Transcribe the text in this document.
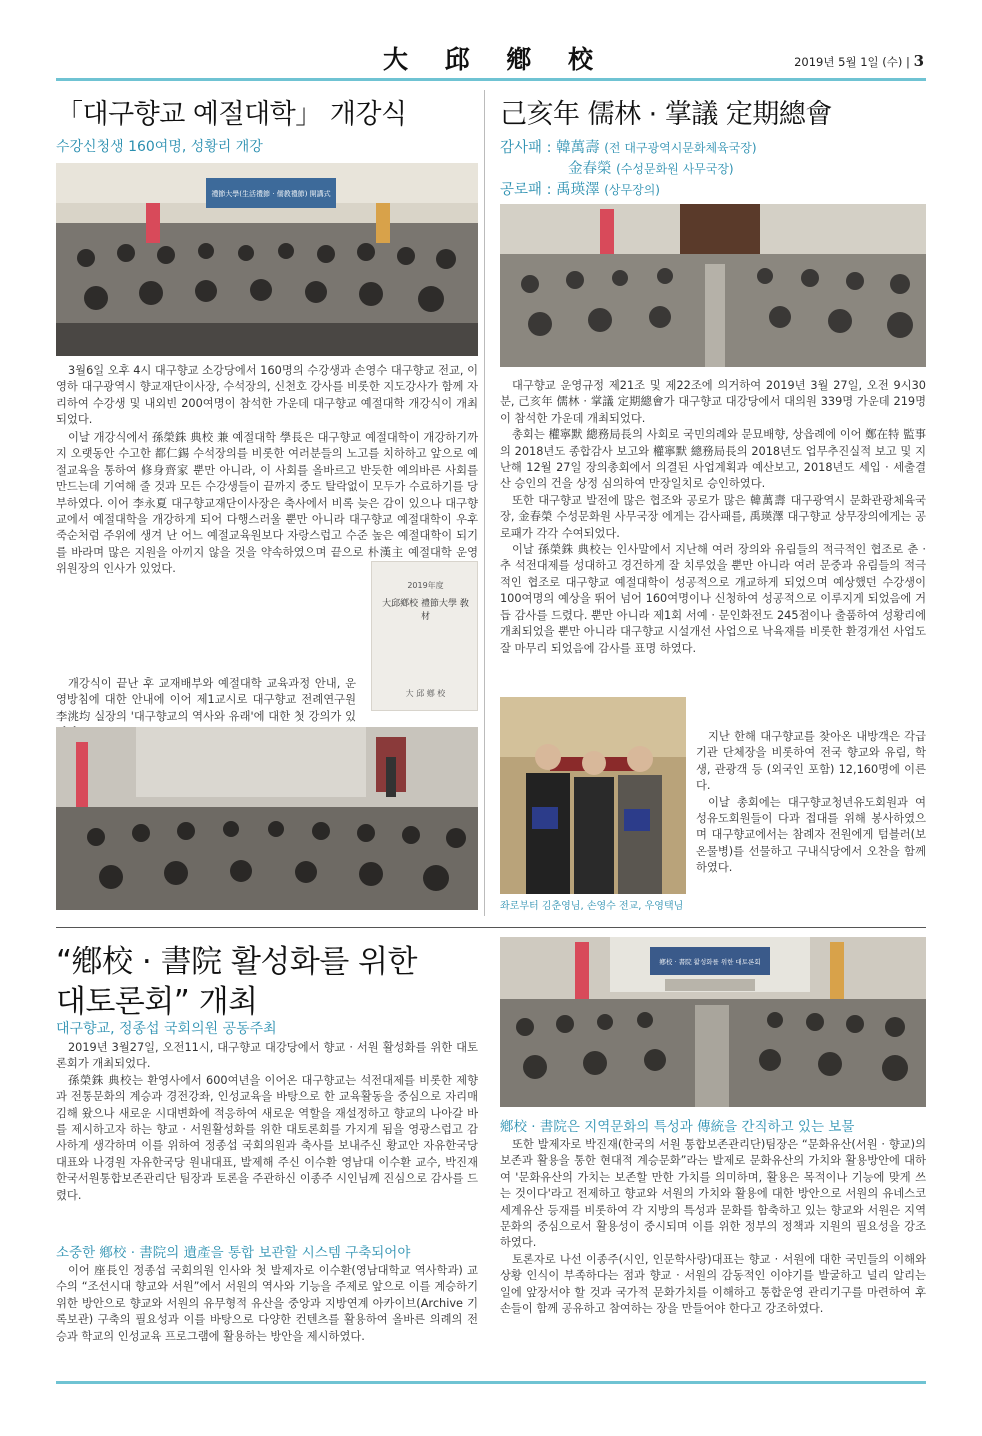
大 邱 鄕 校	2019년 5월 1일 (수) | 3
「대구향교 예절대학」 개강식
수강신청생 160여명, 성황리 개강
禮節大學(生活禮節 · 儒教禮節) 開講式

3월6일 오후 4시 대구향교 소강당에서 160명의 수강생과 손영수 대구향교 전교, 이영하 대구광역시 향교재단이사장, 수석장의, 신천호 강사를 비롯한 지도강사가 함께 자리하여 수강생 및 내외빈 200여명이 참석한 가운데 대구향교 예절대학 개강식이 개최되었다.

이날 개강식에서 孫榮銖 典校 兼 예절대학 學長은 대구향교 예절대학이 개강하기까지 오랫동안 수고한 都仁錫 수석장의를 비롯한 여러분들의 노고를 치하하고 앞으로 예절교육을 통하여 修身齊家 뿐만 아니라, 이 사회를 올바르고 반듯한 예의바른 사회를 만드는데 기여해 줄 것과 모든 수강생들이 끝까지 중도 탈락없이 모두가 수료하기를 당부하였다. 이어 李永夏 대구향교재단이사장은 축사에서 비록 늦은 감이 있으나 대구향교에서 예절대학을 개강하게 되어 다행스러울 뿐만 아니라 대구향교 예절대학이 우후죽순처럼 주위에 생겨 난 어느 예절교육원보다 자랑스럽고 수준 높은 예절대학이 되기를 바라며 많은 지원을 아끼지 않을 것을 약속하였으며 끝으로 朴漢主 예절대학 운영위원장의 인사가 있었다.

개강식이 끝난 후 교재배부와 예절대학 교육과정 안내, 운영방침에 대한 안내에 이어 제1교시로 대구향교 전례연구원 李洮均 실장의 '대구향교의 역사와 유래'에 대한 첫 강의가 있

2019年度
大邱鄕校 禮節大學 敎材
大 邱 鄕 校
己亥年 儒林 · 掌議 定期總會
감사패 : 韓萬壽 (전 대구광역시문화체육국장)
金春榮 (수성문화원 사무국장)
공로패 : 禹瑛澤 (상무장의)

대구향교 운영규정 제21조 및 제22조에 의거하여 2019년 3월 27일, 오전 9시30분, 己亥年 儒林 · 掌議 定期總會가 대구향교 대강당에서 대의원 339명 가운데 219명이 참석한 가운데 개최되었다.

총회는 權寧默 總務局長의 사회로 국민의례와 문묘배향, 상읍례에 이어 鄭在特 監事의 2018년도 종합감사 보고와 權寧默 總務局長의 2018년도 업무추진실적 보고 및 지난해 12월 27일 장의총회에서 의결된 사업계획과 예산보고, 2018년도 세입 · 세출결산 승인의 건을 상정 심의하여 만장일치로 승인하였다.

또한 대구향교 발전에 많은 협조와 공로가 많은 韓萬壽 대구광역시 문화관광체육국장, 金春榮 수성문화원 사무국장 에게는 감사패를, 禹瑛澤 대구향교 상무장의에게는 공로패가 각각 수여되었다.

이날 孫榮銖 典校는 인사말에서 지난해 여러 장의와 유림들의 적극적인 협조로 춘 · 추 석전대제를 성대하고 경건하게 잘 치루었을 뿐만 아니라 여러 문중과 유림들의 적극적인 협조로 대구향교 예절대학이 성공적으로 개교하게 되었으며 예상했던 수강생이 100여명의 예상을 뛰어 넘어 160여명이나 신청하여 성공적으로 이루지게 되었음에 거듭 감사를 드렸다. 뿐만 아니라 제1회 서예 · 문인화전도 245점이나 출품하여 성황리에 개최되었을 뿐만 아니라 대구향교 시설개선 사업으로 낙육재를 비롯한 환경개선 사업도 잘 마무리 되었음에 감사를 표명 하였다.

좌로부터 김춘영님, 손영수 전교, 우영택님

지난 한해 대구향교를 찾아온 내방객은 각급 기관 단체장을 비롯하여 전국 향교와 유림, 학생, 관광객 등 (외국인 포함) 12,160명에 이른다.

이날 총회에는 대구향교청년유도회원과 여성유도회원들이 다과 접대를 위해 봉사하였으며 대구향교에서는 참례자 전원에게 텀블러(보온물병)를 선물하고 구내식당에서 오찬을 함께 하였다.

“鄕校 · 書院 활성화를 위한
대토론회” 개최
대구향교, 정종섭 국회의원 공동주최

2019년 3월27일, 오전11시, 대구향교 대강당에서 향교 · 서원 활성화를 위한 대토론회가 개최되었다.

孫榮銖 典校는 환영사에서 600여년을 이어온 대구향교는 석전대제를 비롯한 제향과 전통문화의 계승과 경전강좌, 인성교육을 바탕으로 한 교육활동을 중심으로 자리매김해 왔으나 새로운 시대변화에 적응하여 새로운 역할을 재설정하고 향교의 나아갈 바를 제시하고자 하는 향교 · 서원활성화를 위한 대토론회를 가지게 됨을 영광스럽고 감사하게 생각하며 이를 위하여 정종섭 국회의원과 축사를 보내주신 황교안 자유한국당 대표와 나경원 자유한국당 원내대표, 발제해 주신 이수환 영남대 이수환 교수, 박진재 한국서원통합보존관리단 팀장과 토론을 주관하신 이종주 시인님께 진심으로 감사를 드렸다.

소중한 鄕校 · 書院의 遺產을 통합 보관할 시스템 구축되어야

이어 座長인 정종섭 국회의원 인사와 첫 발제자로 이수환(영남대학교 역사학과) 교수의 “조선시대 향교와 서원”에서 서원의 역사와 기능을 주제로 앞으로 이를 계승하기 위한 방안으로 향교와 서원의 유무형적 유산을 중앙과 지방연계 아카이브(Archive 기록보관) 구축의 필요성과 이를 바탕으로 다양한 컨텐츠를 활용하여 올바른 의례의 전승과 학교의 인성교육 프로그램에 활용하는 방안을 제시하였다.

鄕校 · 書院 활성화를 위한 대토론회
鄕校 · 書院은 지역문화의 특성과 傳統을 간직하고 있는 보물

또한 발제자로 박진재(한국의 서원 통합보존관리단)팀장은 “문화유산(서원 · 향교)의 보존과 활용을 통한 현대적 계승문화”라는 발제로 문화유산의 가치와 활용방안에 대하여 '문화유산의 가치는 보존할 만한 가치를 의미하며, 활용은 목적이나 기능에 맞게 쓰는 것이다'라고 전제하고 향교와 서원의 가치와 활용에 대한 방안으로 서원의 유네스코 세계유산 등재를 비롯하여 각 지방의 특성과 문화를 함축하고 있는 향교와 서원은 지역문화의 중심으로서 활용성이 중시되며 이를 위한 정부의 정책과 지원의 필요성을 강조하였다.

토론자로 나선 이종주(시인, 인문학사랑)대표는 향교 · 서원에 대한 국민들의 이해와 상황 인식이 부족하다는 점과 향교 · 서원의 감동적인 이야기를 발굴하고 널리 알리는 일에 앞장서야 할 것과 국가적 문화가치를 이해하고 통합운영 관리기구를 마련하여 후손들이 함께 공유하고 참여하는 장을 만들어야 한다고 강조하였다.
